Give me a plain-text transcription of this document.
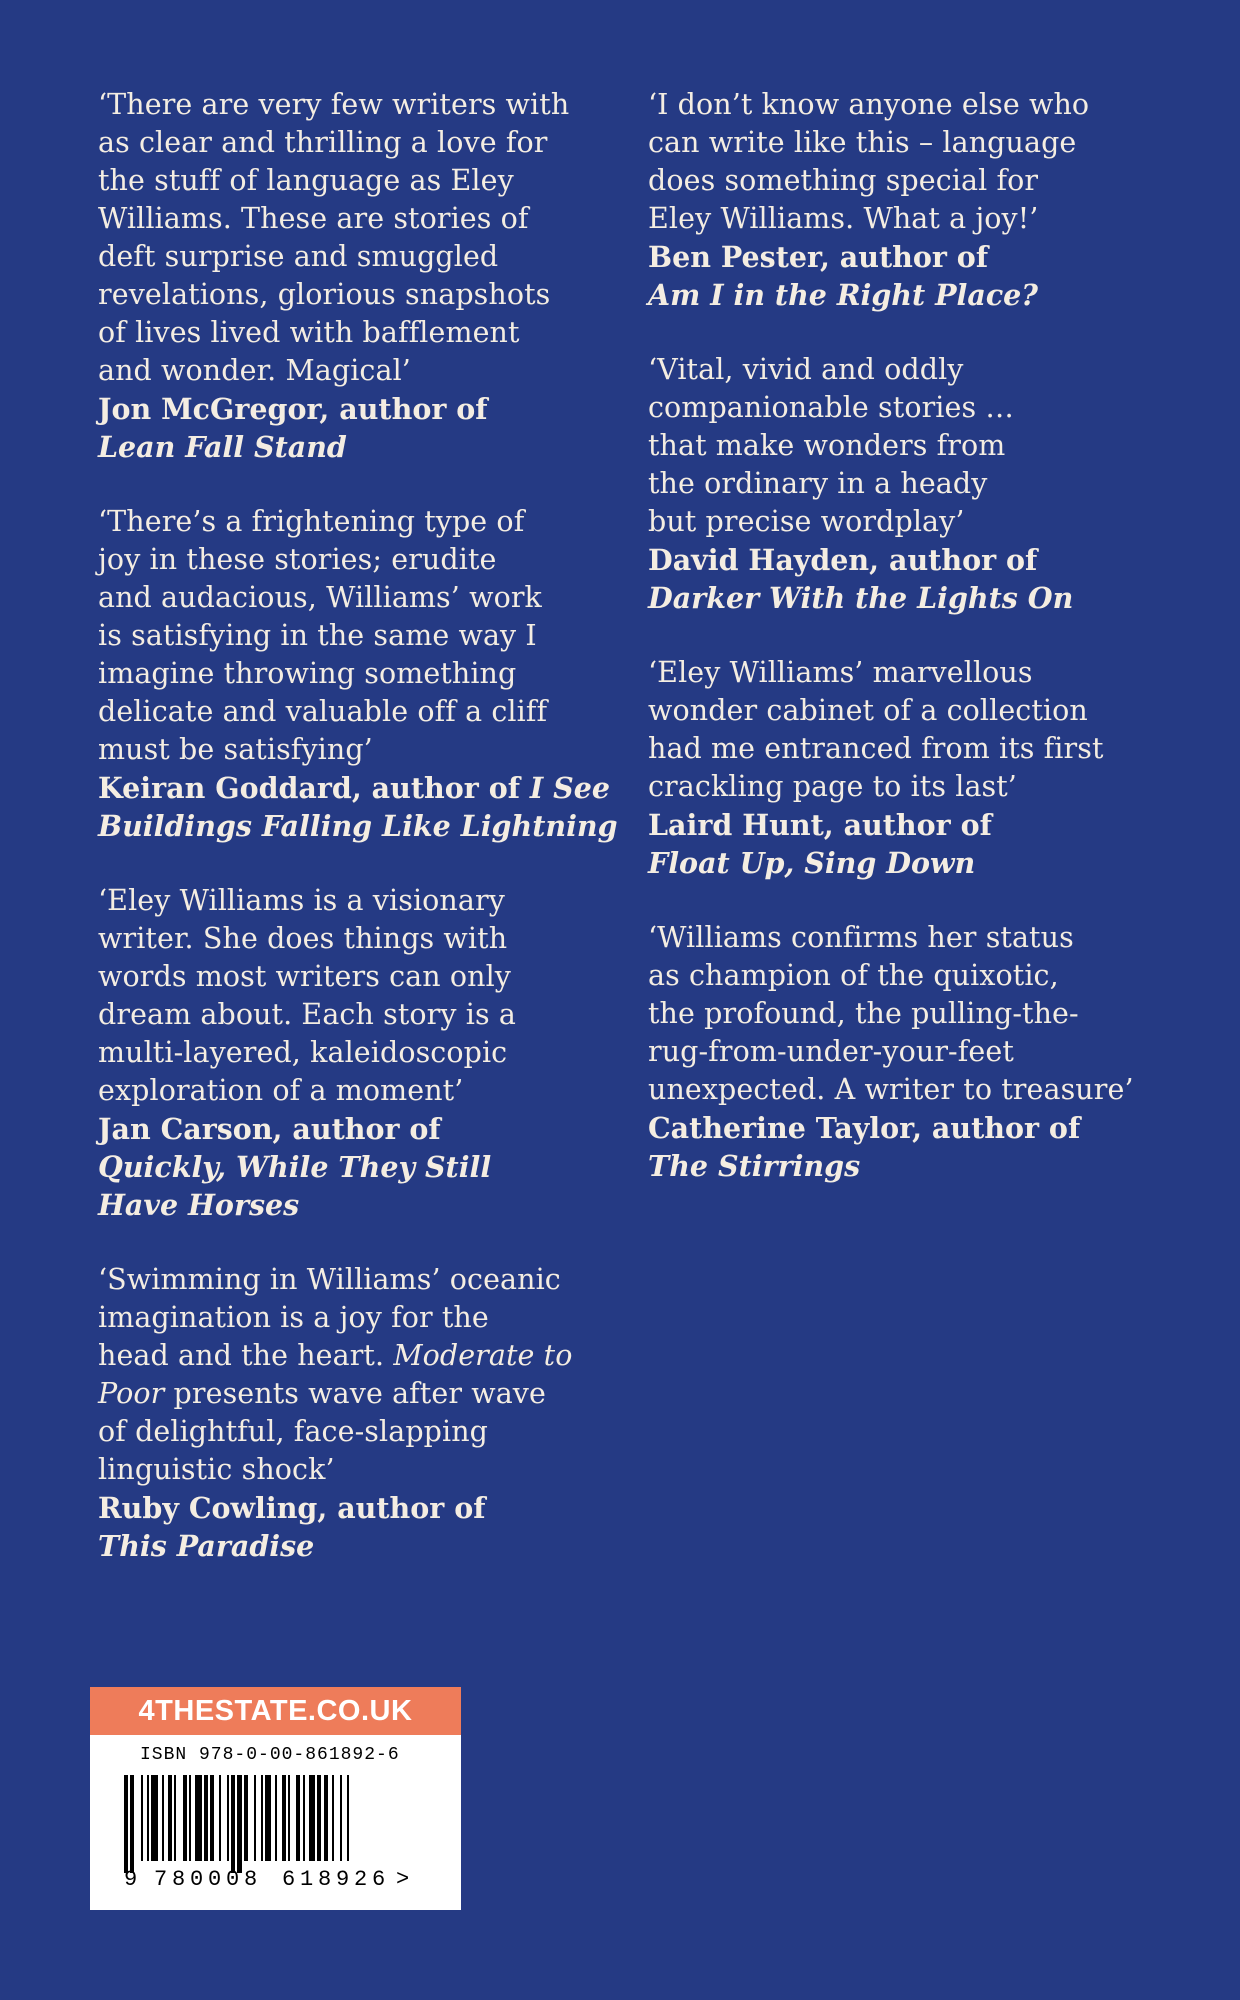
‘There are very few writers with
as clear and thrilling a love for
the stuff of language as Eley
Williams. These are stories of
deft surprise and smuggled
revelations, glorious snapshots
of lives lived with bafflement
and wonder. Magical’
Jon McGregor, author of
Lean Fall Stand
‘There’s a frightening type of
joy in these stories; erudite
and audacious, Williams’ work
is satisfying in the same way I
imagine throwing something
delicate and valuable off a cliff
must be satisfying’
Keiran Goddard, author of I See
Buildings Falling Like Lightning
‘Eley Williams is a visionary
writer. She does things with
words most writers can only
dream about. Each story is a
multi-layered, kaleidoscopic
exploration of a moment’
Jan Carson, author of
Quickly, While They Still
Have Horses
‘Swimming in Williams’ oceanic
imagination is a joy for the
head and the heart. Moderate to
Poor presents wave after wave
of delightful, face-slapping
linguistic shock’
Ruby Cowling, author of
This Paradise
‘I don’t know anyone else who
can write like this – language
does something special for
Eley Williams. What a joy!’
Ben Pester, author of
Am I in the Right Place?
‘Vital, vivid and oddly
companionable stories …
that make wonders from
the ordinary in a heady
but precise wordplay’
David Hayden, author of
Darker With the Lights On
‘Eley Williams’ marvellous
wonder cabinet of a collection
had me entranced from its first
crackling page to its last’
Laird Hunt, author of
Float Up, Sing Down
‘Williams confirms her status
as champion of the quixotic,
the profound, the pulling-the-
rug-from-under-your-feet
unexpected. A writer to treasure’
Catherine Taylor, author of
The Stirrings
4THESTATE.CO.UK
ISBN 978-0-00-861892-6
9 7 8 0 0 0 8 6 1 8 9 2 6 >
